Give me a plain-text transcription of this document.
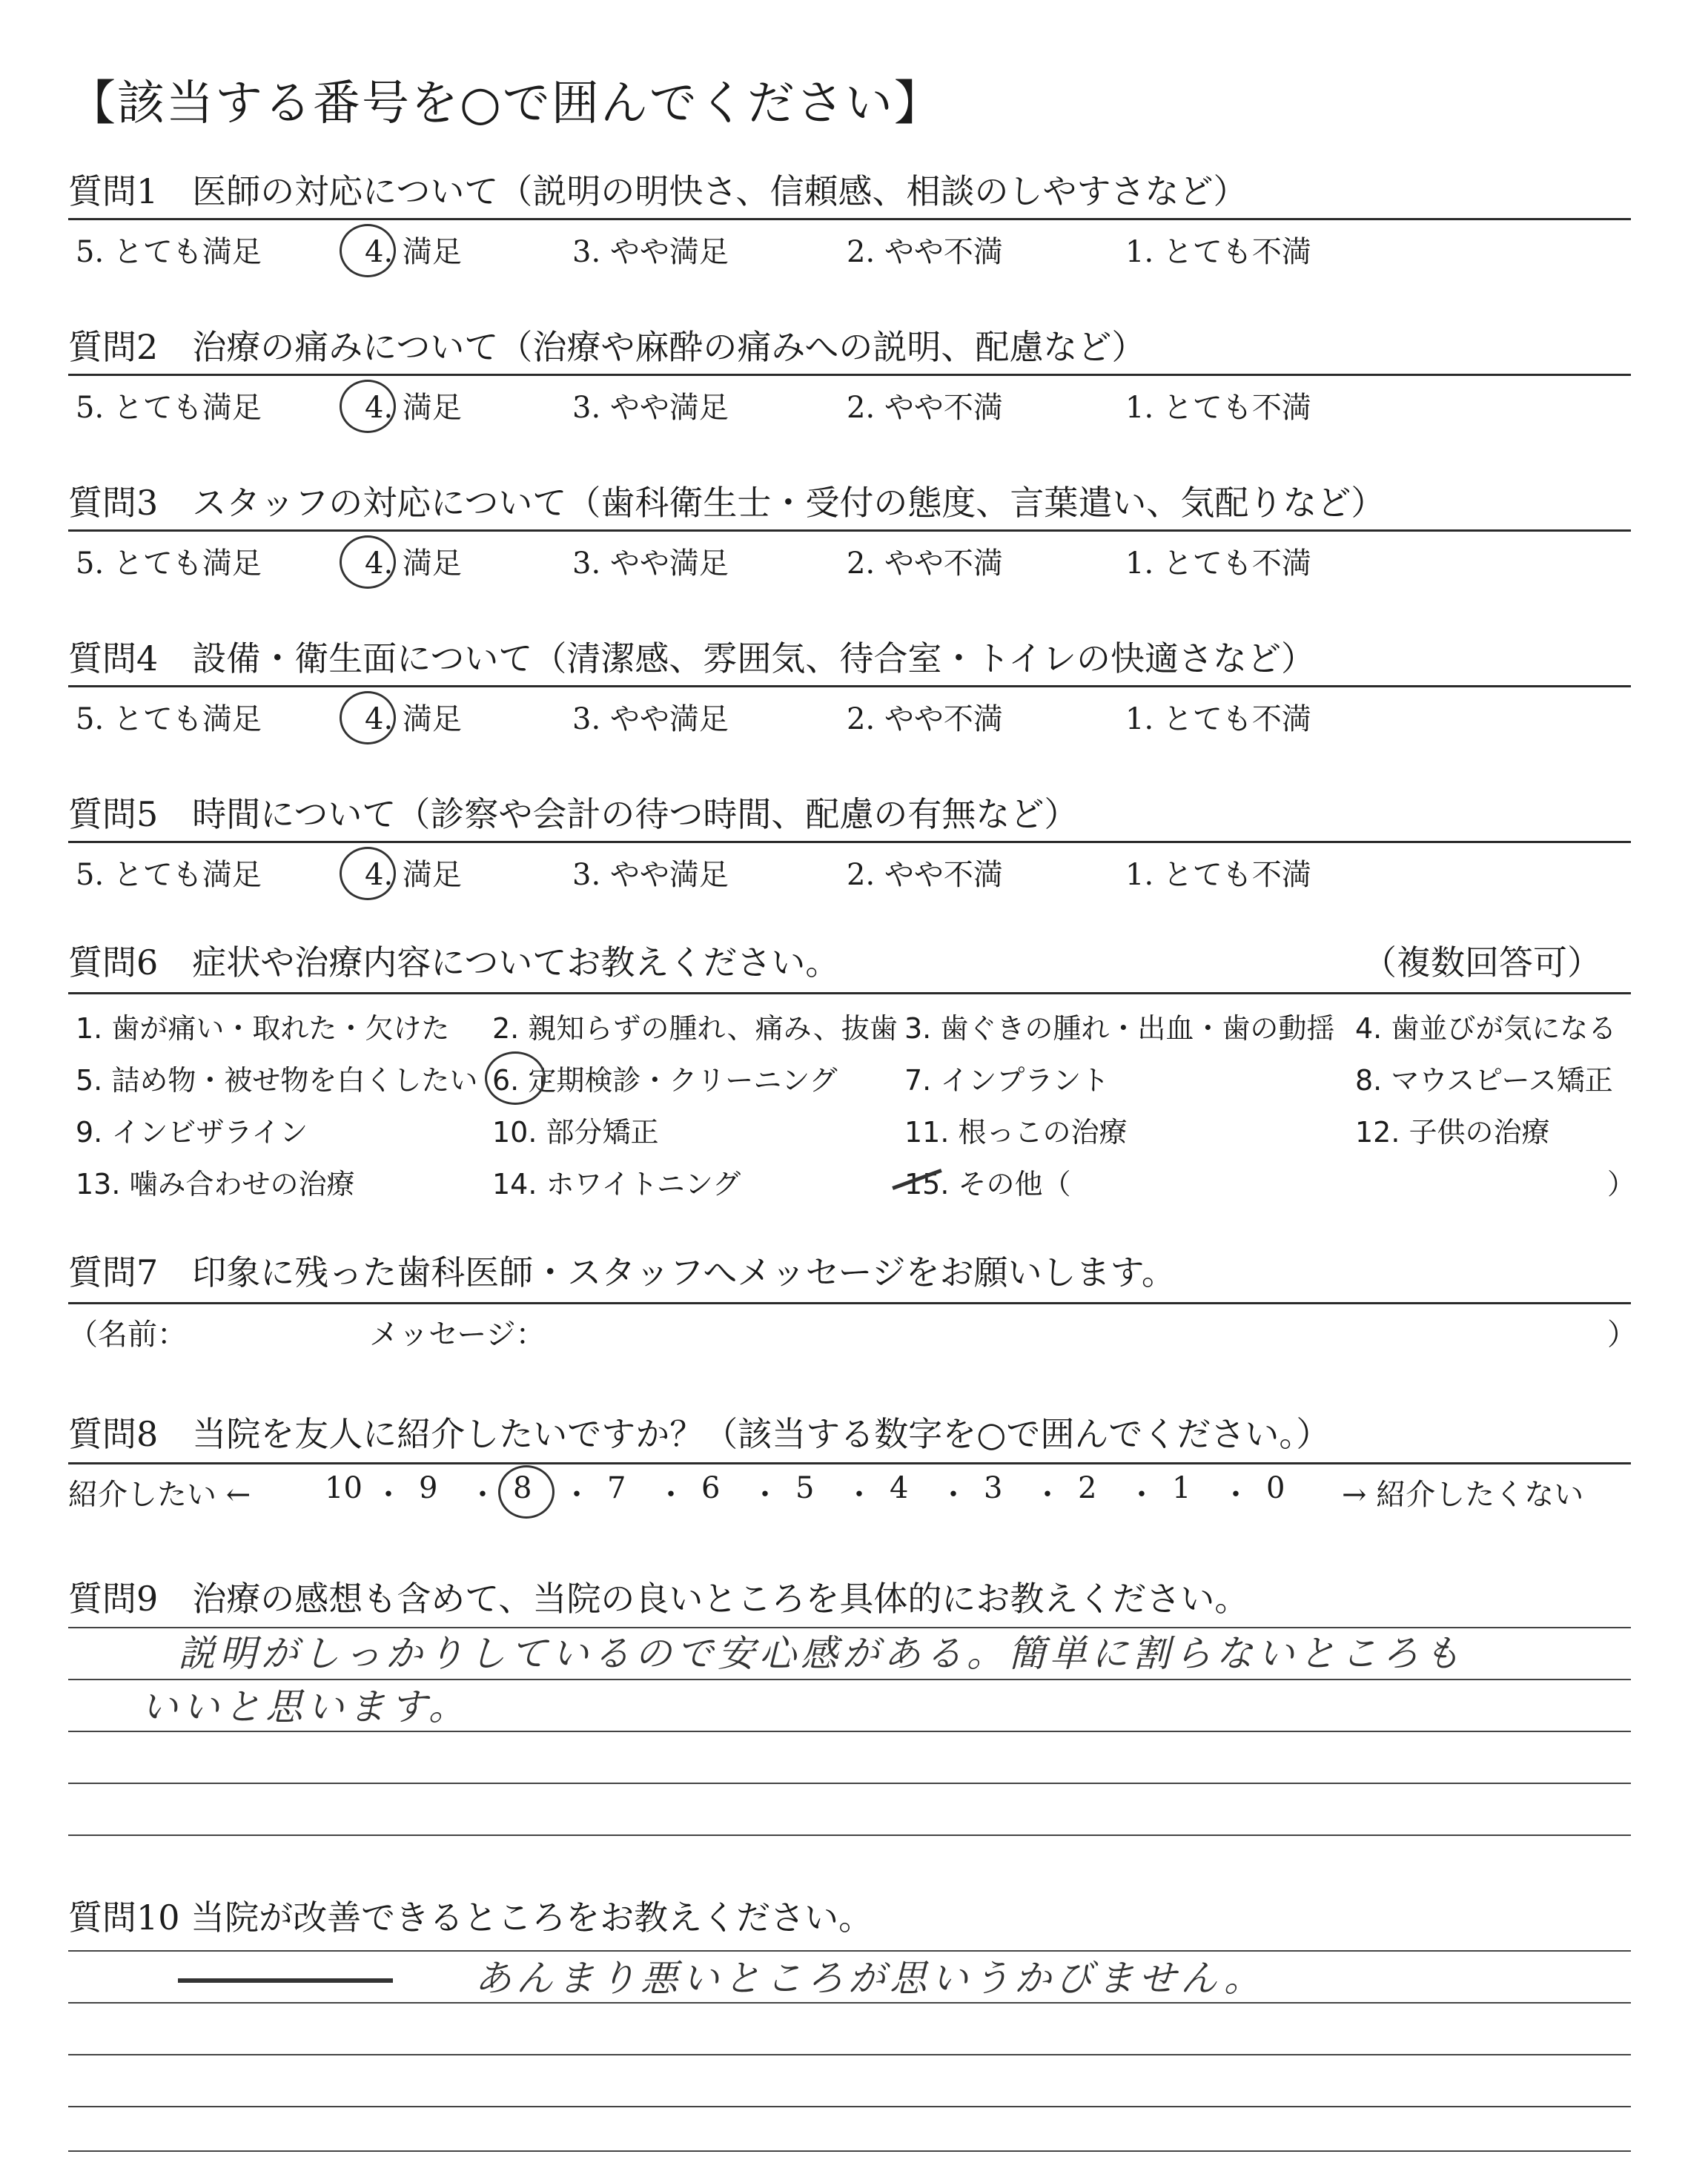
【該当する番号を○で囲んでください】
質問1　医師の対応について（説明の明快さ、信頼感、相談のしやすさなど）
5. とても満足	4. 満足	3. やや満足	2. やや不満	1. とても不満
質問2　治療の痛みについて（治療や麻酔の痛みへの説明、配慮など）
5. とても満足	4. 満足	3. やや満足	2. やや不満	1. とても不満
質問3　スタッフの対応について（歯科衛生士・受付の態度、言葉遣い、気配りなど）
5. とても満足	4. 満足	3. やや満足	2. やや不満	1. とても不満
質問4　設備・衛生面について（清潔感、雰囲気、待合室・トイレの快適さなど）
5. とても満足	4. 満足	3. やや満足	2. やや不満	1. とても不満
質問5　時間について（診察や会計の待つ時間、配慮の有無など）
5. とても満足	4. 満足	3. やや満足	2. やや不満	1. とても不満
質問6　症状や治療内容についてお教えください。	（複数回答可）
1. 歯が痛い・取れた・欠けた 2. 親知らずの腫れ、痛み、抜歯 3. 歯ぐきの腫れ・出血・歯の動揺 4. 歯並びが気になる
5. 詰め物・被せ物を白くしたい 6. 定期検診・クリーニング 7. インプラント	8. マウスピース矯正
9. インビザライン	10. 部分矯正	11. 根っこの治療	12. 子供の治療
13. 噛み合わせの治療	14. ホワイトニング	15. その他（	）
質問7　印象に残った歯科医師・スタッフへメッセージをお願いします。
（名前：	メッセージ：	）
質問8　当院を友人に紹介したいですか？（該当する数字を○で囲んでください。）
紹介したい ←	→ 紹介したくない
10 ・ 9 ・ 8 ・ 7 ・ 6 ・ 5 ・ 4 ・ 3 ・ 2 ・ 1 ・ 0
質問9　治療の感想も含めて、当院の良いところを具体的にお教えください。
説明がしっかりしているので安心感がある。簡単に割らないところも
いいと思います。
質問10 当院が改善できるところをお教えください。
あんまり悪いところが思いうかびません。
